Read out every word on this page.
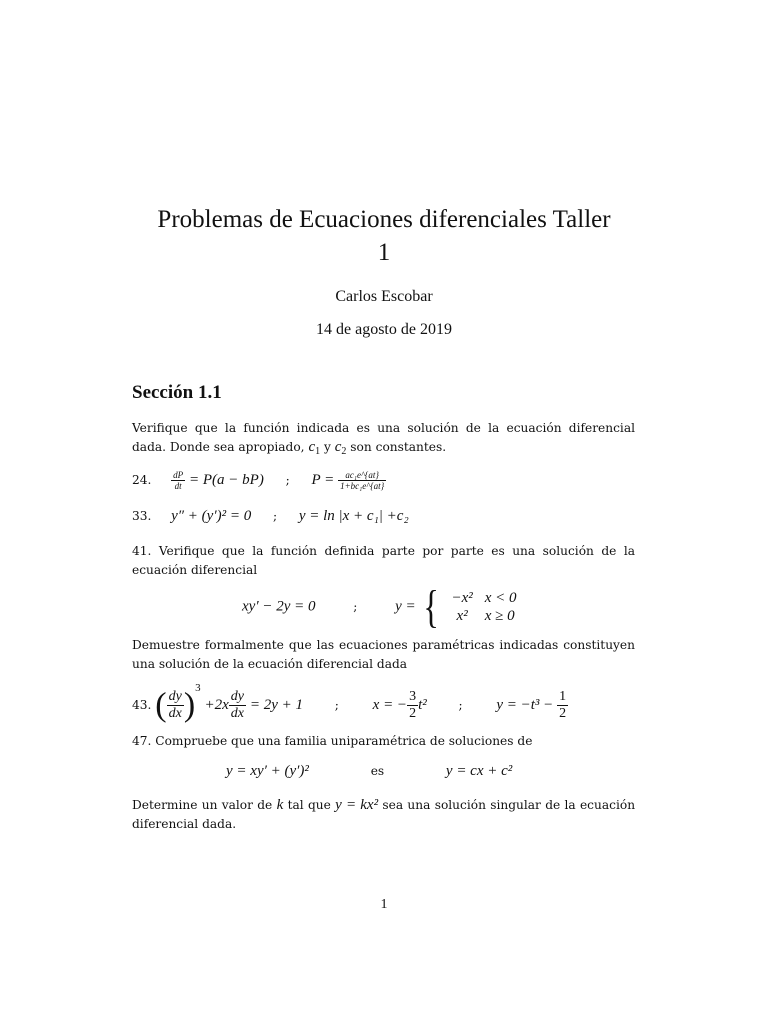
Problemas de Ecuaciones diferenciales Taller
1
Carlos Escobar
14 de agosto de 2019
Sección 1.1
Verifique que la función indicada es una solución de la ecuación diferencial dada. Donde sea apropiado, $c_1$ y $c_2$ son constantes.
24. $\frac{dP}{dt} = P(a - bP)$ ; $P = \frac{\text{ac₁e\textasciicircum{}\{at\}}}{\text{1+bc₁e\textasciicircum{}\{at\}}}$
33. y″ + (y′)² = 0 ; y = ln |x + c₁| +c₂
41. Verifique que la función definida parte por parte es una solución de la ecuación diferencial
xy′ − 2y = 0	;	y = { −x²	x < 0
x²	x ≥ 0
Demuestre formalmente que las ecuaciones paramétricas indicadas constituyen una solución de la ecuación diferencial dada
43. ( $\frac{dy}{dx} )3 +2x \frac{dy}{dx} = 2y + 1$	; x = − $\frac{3}{2} t^2$	; $y = -t^3 - \frac{1}{2}$
47. Compruebe que una familia uniparamétrica de soluciones de
y = xy′ + (y′)²	es	y = cx + c²
Determine un valor de k tal que y = kx² sea una solución singular de la ecuación diferencial dada.
1
